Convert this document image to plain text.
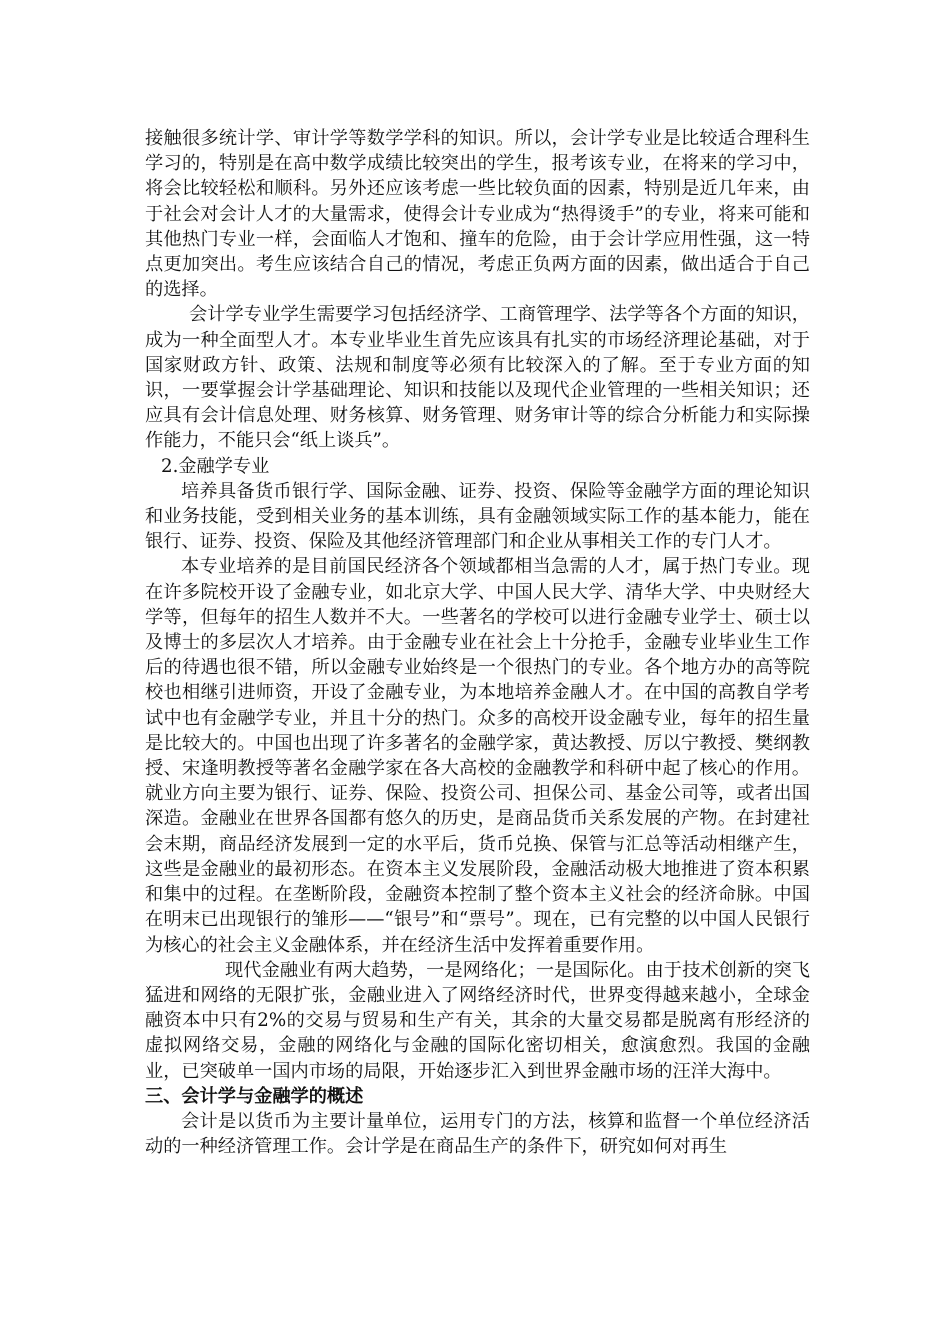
接触很多统计学、审计学等数学学科的知识。所以，会计学专业是比较适合理科生学习的，特别是在高中数学成绩比较突出的学生，报考该专业，在将来的学习中，将会比较轻松和顺科。另外还应该考虑一些比较负面的因素，特别是近几年来，由于社会对会计人才的大量需求，使得会计专业成为“热得烫手”的专业，将来可能和其他热门专业一样，会面临人才饱和、撞车的危险，由于会计学应用性强，这一特点更加突出。考生应该结合自己的情况，考虑正负两方面的因素，做出适合于自己的选择。

会计学专业学生需要学习包括经济学、工商管理学、法学等各个方面的知识，成为一种全面型人才。本专业毕业生首先应该具有扎实的市场经济理论基础，对于国家财政方针、政策、法规和制度等必须有比较深入的了解。至于专业方面的知识，一要掌握会计学基础理论、知识和技能以及现代企业管理的一些相关知识；还应具有会计信息处理、财务核算、财务管理、财务审计等的综合分析能力和实际操作能力，不能只会“纸上谈兵”。

2.金融学专业

培养具备货币银行学、国际金融、证券、投资、保险等金融学方面的理论知识和业务技能，受到相关业务的基本训练，具有金融领域实际工作的基本能力，能在银行、证券、投资、保险及其他经济管理部门和企业从事相关工作的专门人才。

本专业培养的是目前国民经济各个领域都相当急需的人才，属于热门专业。现在许多院校开设了金融专业，如北京大学、中国人民大学、清华大学、中央财经大学等，但每年的招生人数并不大。一些著名的学校可以进行金融专业学士、硕士以及博士的多层次人才培养。由于金融专业在社会上十分抢手，金融专业毕业生工作后的待遇也很不错，所以金融专业始终是一个很热门的专业。各个地方办的高等院校也相继引进师资，开设了金融专业，为本地培养金融人才。在中国的高教自学考试中也有金融学专业，并且十分的热门。众多的高校开设金融专业，每年的招生量是比较大的。中国也出现了许多著名的金融学家，黄达教授、厉以宁教授、樊纲教授、宋逢明教授等著名金融学家在各大高校的金融教学和科研中起了核心的作用。就业方向主要为银行、证券、保险、投资公司、担保公司、基金公司等，或者出国深造。金融业在世界各国都有悠久的历史，是商品货币关系发展的产物。在封建社会末期，商品经济发展到一定的水平后，货币兑换、保管与汇总等活动相继产生，这些是金融业的最初形态。在资本主义发展阶段，金融活动极大地推进了资本积累和集中的过程。在垄断阶段，金融资本控制了整个资本主义社会的经济命脉。中国在明末已出现银行的雏形——“银号”和“票号”。现在，已有完整的以中国人民银行为核心的社会主义金融体系，并在经济生活中发挥着重要作用。

现代金融业有两大趋势，一是网络化；一是国际化。由于技术创新的突飞猛进和网络的无限扩张，金融业进入了网络经济时代，世界变得越来越小，全球金融资本中只有2%的交易与贸易和生产有关，其余的大量交易都是脱离有形经济的虚拟网络交易，金融的网络化与金融的国际化密切相关，愈演愈烈。我国的金融业，已突破单一国内市场的局限，开始逐步汇入到世界金融市场的汪洋大海中。

三、会计学与金融学的概述

会计是以货币为主要计量单位，运用专门的方法，核算和监督一个单位经济活动的一种经济管理工作。会计学是在商品生产的条件下，研究如何对再生
